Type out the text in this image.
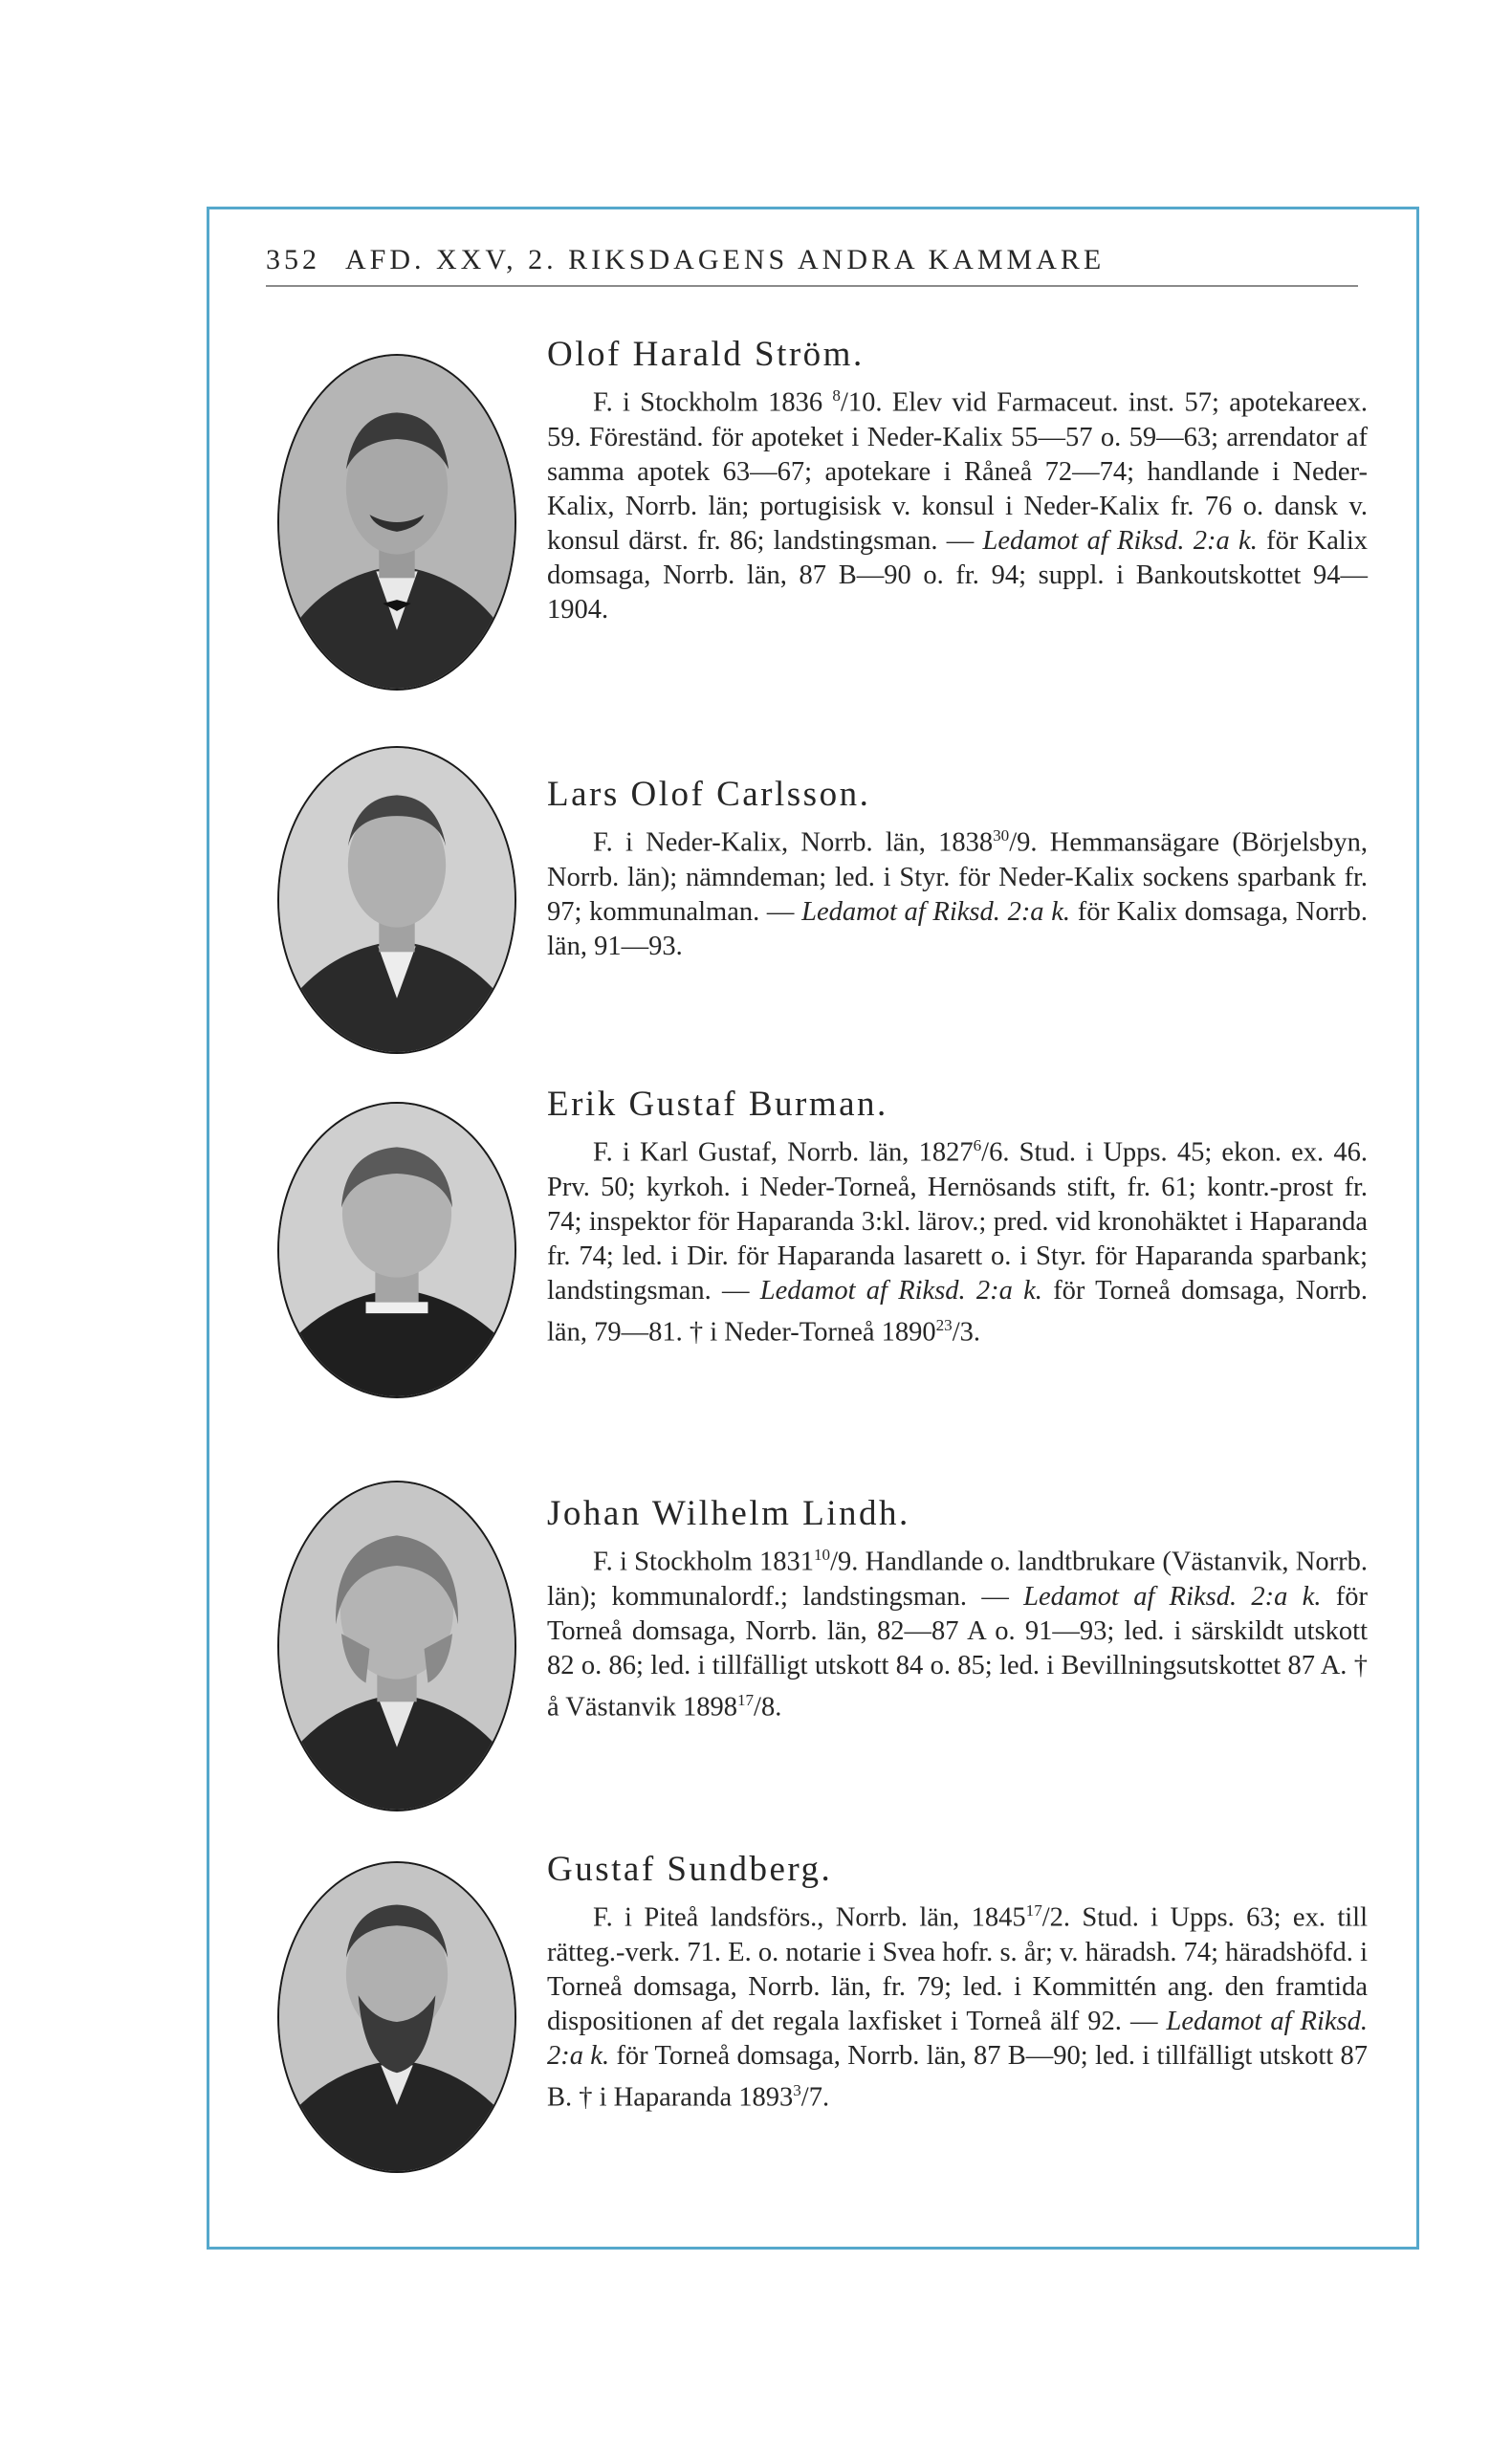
352 AFD. XXV, 2. RIKSDAGENS ANDRA KAMMARE
Olof Harald Ström.

F. i Stockholm 1836 $^8$/10. Elev vid Farmaceut. inst. 57; apotekareex. 59. Föreständ. för apoteket i Neder-Kalix 55—57 o. 59—63; arrendator af samma apotek 63—67; apotekare i Råneå 72—74; handlande i Neder-Kalix, Norrb. län; portugisisk v. konsul i Neder-Kalix fr. 76 o. dansk v. konsul därst. fr. 86; landstingsman. — Ledamot af Riksd. 2:a k. för Kalix domsaga, Norrb. län, 87 B—90 o. fr. 94; suppl. i Bankoutskottet 94—1904.

Lars Olof Carlsson.

F. i Neder-Kalix, Norrb. län, 1838$^{30}$/9. Hemmansägare (Börjelsbyn, Norrb. län); nämndeman; led. i Styr. för Neder-Kalix sockens sparbank fr. 97; kommunalman. — Ledamot af Riksd. 2:a k. för Kalix domsaga, Norrb. län, 91—93.

Erik Gustaf Burman.

F. i Karl Gustaf, Norrb. län, 1827$^6$/6. Stud. i Upps. 45; ekon. ex. 46. Prv. 50; kyrkoh. i Neder-Torneå, Hernösands stift, fr. 61; kontr.-prost fr. 74; inspektor för Haparanda 3:kl. lärov.; pred. vid kronohäktet i Haparanda fr. 74; led. i Dir. för Haparanda lasarett o. i Styr. för Haparanda sparbank; landstingsman. — Ledamot af Riksd. 2:a k. för Torneå domsaga, Norrb. län, 79—81. † i Neder-Torneå 1890$^{23}$/3.

Johan Wilhelm Lindh.

F. i Stockholm 1831$^{10}$/9. Handlande o. landtbrukare (Västanvik, Norrb. län); kommunalordf.; landstingsman. — Ledamot af Riksd. 2:a k. för Torneå domsaga, Norrb. län, 82—87 A o. 91—93; led. i särskildt utskott 82 o. 86; led. i tillfälligt utskott 84 o. 85; led. i Bevillningsutskottet 87 A. † å Västanvik 1898$^{17}$/8.

Gustaf Sundberg.

F. i Piteå landsförs., Norrb. län, 1845$^{17}$/2. Stud. i Upps. 63; ex. till rätteg.-verk. 71. E. o. notarie i Svea hofr. s. år; v. häradsh. 74; häradshöfd. i Torneå domsaga, Norrb. län, fr. 79; led. i Kommittén ang. den framtida dispositionen af det regala laxfisket i Torneå älf 92. — Ledamot af Riksd. 2:a k. för Torneå domsaga, Norrb. län, 87 B—90; led. i tillfälligt utskott 87 B. † i Haparanda 1893$^3$/7.
